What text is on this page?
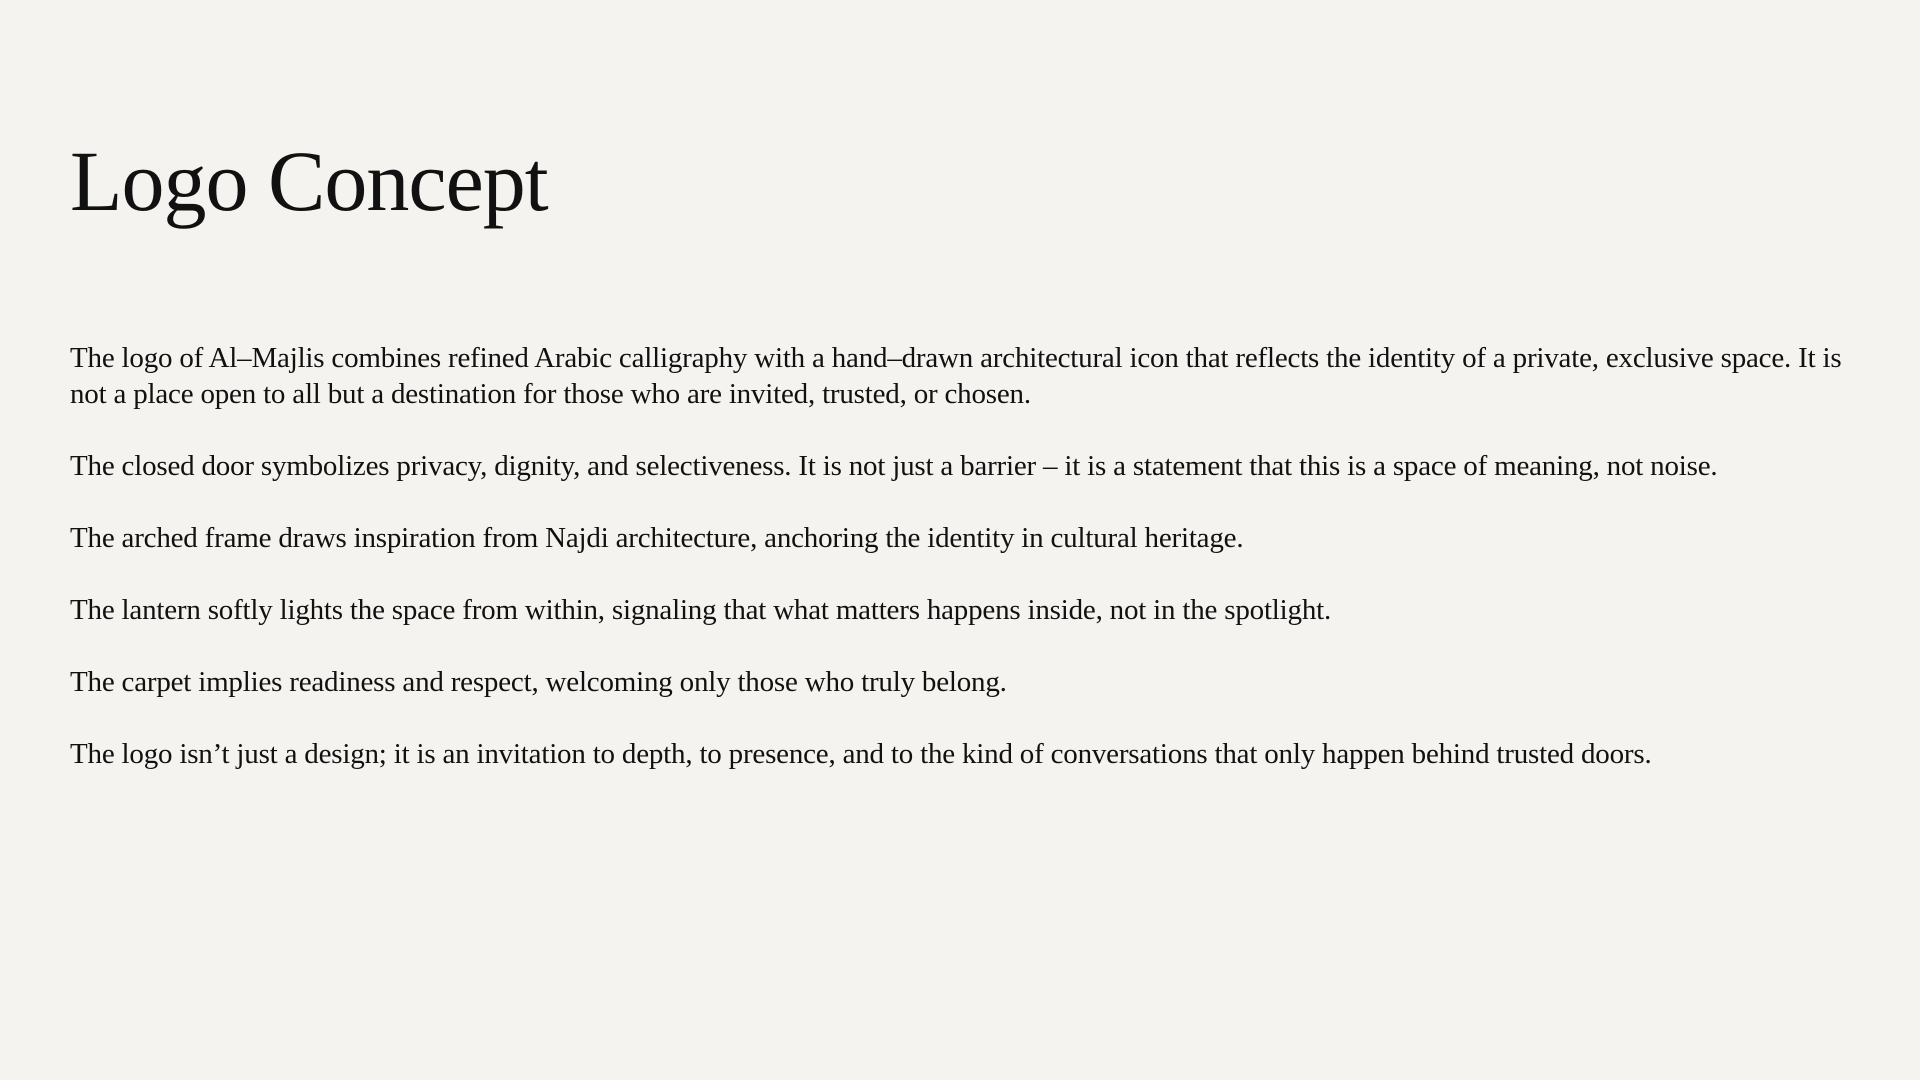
Logo Concept

The logo of Al–Majlis combines refined Arabic calligraphy with a hand–drawn architectural icon that reflects the identity of a private, exclusive space. It is not a place open to all but a destination for those who are invited, trusted, or chosen.

The closed door symbolizes privacy, dignity, and selectiveness. It is not just a barrier – it is a statement that this is a space of meaning, not noise.

The arched frame draws inspiration from Najdi architecture, anchoring the identity in cultural heritage.

The lantern softly lights the space from within, signaling that what matters happens inside, not in the spotlight.

The carpet implies readiness and respect, welcoming only those who truly belong.

The logo isn’t just a design; it is an invitation to depth, to presence, and to the kind of conversations that only happen behind trusted doors.
